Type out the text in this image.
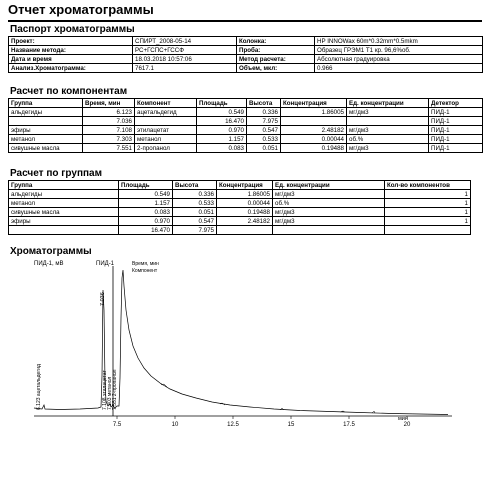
Отчет хроматограммы
Паспорт хроматограммы
Проект:	СПИРТ_2008-05-14	Колонка:	HP INNOWax 60m*0.32mm*0.5mkm
Название метода:	РС+ГСПС+ГССФ	Проба:	Образец ГРЭМ1 Т1 кр. 96,6%об.
Дата и время	18.03.2018 10:57:06	Метод расчета:	Абсолютная градуировка
Анализ.Хроматограмма:	7617.1	Объем, мкл:	0.966
Расчет по компонентам
Группа	Время, мин	Компонент	Площадь	Высота	Концентрация	Ед. концентрации	Детектор
альдегиды	6.123	ацетальдегид	0.549	0.336	1.86005	мг/дм3	ПИД-1
	7.036		16.470	7.975			ПИД-1
эфиры	7.108	этилацетат	0.970	0.547	2.48182	мг/дм3	ПИД-1
метанол	7.303	метанол	1.157	0.533	0.00044	об.%	ПИД-1
сивушные масла	7.551	2-пропанол	0.083	0.051	0.19488	мг/дм3	ПИД-1
Расчет по группам
Группа	Площадь	Высота	Концентрация	Ед. концентрации	Кол-во компонентов
альдегиды	0.549	0.336	1.86005	мг/дм3	1
метанол	1.157	0.533	0.00044	об.%	1
сивушные масла	0.083	0.051	0.19488	мг/дм3	1
эфиры	0.970	0.547	2.48182	мг/дм3	1
	16.470	7.975			
Хроматограммы
7.5	10	12.5	15	17.5	20
ПИД-1, мВ	ПИД-1	Время, мин
Компонент
мин
6.123 ацетальдегид
7.036
7.108 этилацетат 7.303 метанол 7.551 2-пропанол
